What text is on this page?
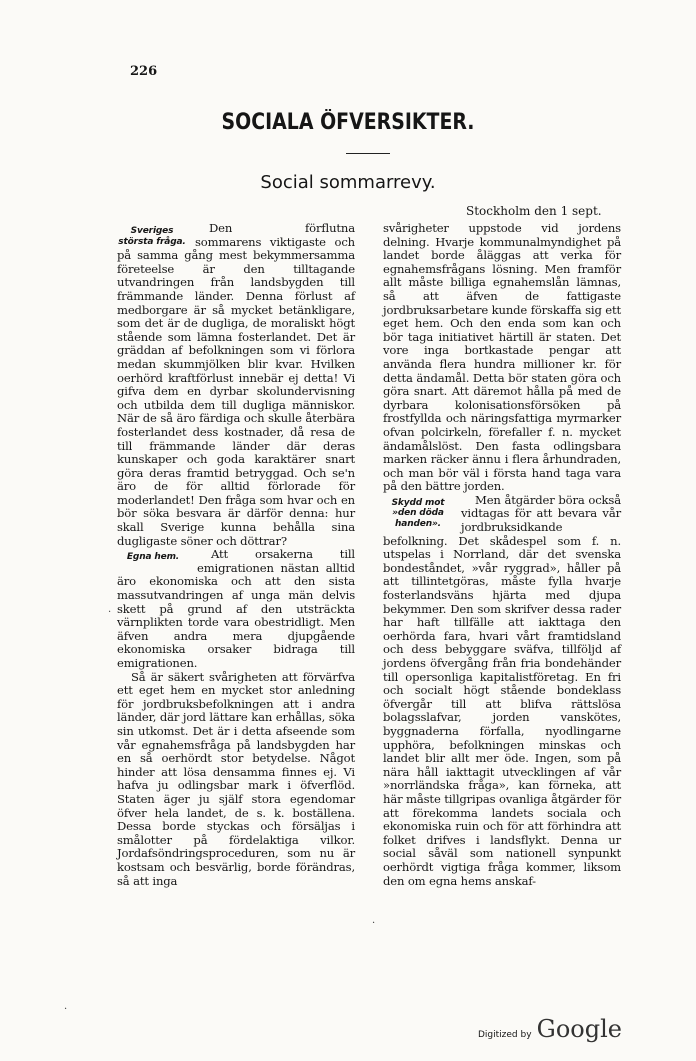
226
SOCIALA ÖFVERSIKTER.
Social sommarrevy.
Stockholm den 1 sept.
Sveriges största fråga.

Den förflutna sommarens viktigaste och på samma gång mest bekymmersamma företeelse är den tilltagande utvandringen från landsbygden till främmande länder. Denna förlust af medborgare är så mycket betänkligare, som det är de dugliga, de moraliskt högt stående som lämna fosterlandet. Det är gräddan af befolkningen som vi förlora medan skummjölken blir kvar. Hvilken oerhörd kraftförlust innebär ej detta! Vi gifva dem en dyrbar skolundervisning och utbilda dem till dugliga människor. När de så äro färdiga och skulle återbära fosterlandet dess kostnader, då resa de till främmande länder där deras kunskaper och goda karaktärer snart göra deras framtid betryggad. Och se'n äro de för alltid förlorade för moderlandet! Den fråga som hvar och en bör söka besvara är därför denna: hur skall Sverige kunna behålla sina dugligaste söner och döttrar?

Egna hem.	Att orsakerna till emigrationen nästan alltid äro ekonomiska och att den sista massutvandringen af unga män delvis skett på grund af den utsträckta värnplikten torde vara obestridligt. Men äfven andra mera djupgående ekonomiska orsaker bidraga till emigrationen.

Så är säkert svårigheten att förvärfva ett eget hem en mycket stor anledning för jordbruksbefolkningen att i andra länder, där jord lättare kan erhållas, söka sin utkomst. Det är i detta afseende som vår egnahemsfråga på landsbygden har en så oerhördt stor betydelse. Något hinder att lösa densamma finnes ej. Vi hafva ju odlingsbar mark i öfverflöd. Staten äger ju själf stora egendomar öfver hela landet, de s. k. boställena. Dessa borde styckas och försäljas i smålotter på fördelaktiga vilkor. Jordafsöndringsproceduren, som nu är kostsam och besvärlig, borde förändras, så att inga

svårigheter uppstode vid jordens delning. Hvarje kommunalmyndighet på landet borde åläggas att verka för egnahemsfrågans lösning. Men framför allt måste billiga egnahemslån lämnas, så att äfven de fattigaste jordbruksarbetare kunde förskaffa sig ett eget hem. Och den enda som kan och bör taga initiativet härtill är staten. Det vore inga bortkastade pengar att använda flera hundra millioner kr. för detta ändamål. Detta bör staten göra och göra snart. Att däremot hålla på med de dyrbara kolonisationsförsöken på frostfyllda och näringsfattiga myrmarker ofvan polcirkeln, förefaller f. n. mycket ändamålslöst. Den fasta odlingsbara marken räcker ännu i flera århundraden, och man bör väl i första hand taga vara på den bättre jorden.

Skydd mot »den döda handen».

Men åtgärder böra också vidtagas för att bevara vår jordbruksidkande befolkning. Det skådespel som f. n. utspelas i Norrland, där det svenska bondeståndet, »vår ryggrad», håller på att tillintetgöras, måste fylla hvarje fosterlandsväns hjärta med djupa bekymmer. Den som skrifver dessa rader har haft tillfälle att iakttaga den oerhörda fara, hvari vårt framtidsland och dess bebyggare sväfva, tillföljd af jordens öfvergång från fria bondehänder till opersonliga kapitalistföretag. En fri och socialt högt stående bondeklass öfvergår till att blifva rättslösa bolagsslafvar, jorden vanskötes, byggnaderna förfalla, nyodlingarne upphöra, befolkningen minskas och landet blir allt mer öde. Ingen, som på nära håll iakttagit utvecklingen af vår »norrländska fråga», kan förneka, att här måste tillgripas ovanliga åtgärder för att förekomma landets sociala och ekonomiska ruin och för att förhindra att folket drifves i landsflykt. Denna ur social såväl som nationell synpunkt oerhördt vigtiga fråga kommer, liksom den om egna hems anskaf-

.
·
·
Digitized by Google
